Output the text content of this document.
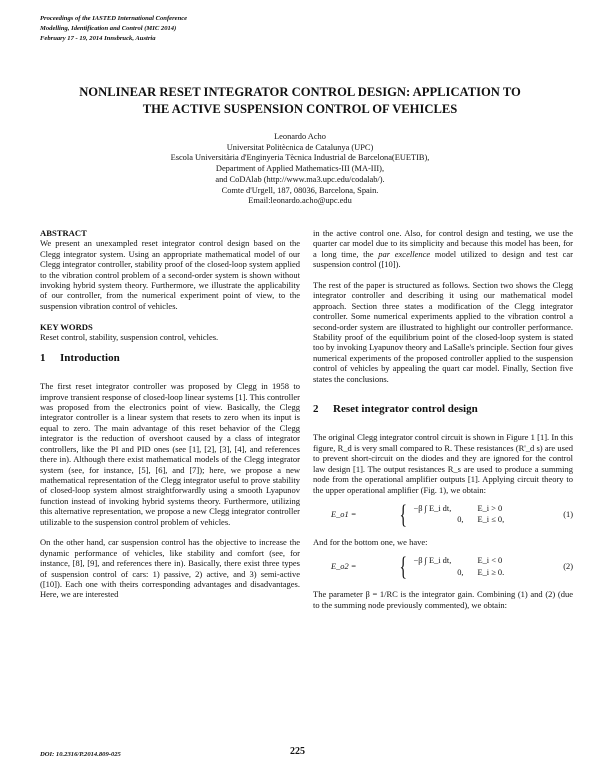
Proceedings of the IASTED International Conference
Modelling, Identification and Control (MIC 2014)
February 17 - 19, 2014 Innsbruck, Austria
NONLINEAR RESET INTEGRATOR CONTROL DESIGN: APPLICATION TO
THE ACTIVE SUSPENSION CONTROL OF VEHICLES
Leonardo Acho
Universitat Politècnica de Catalunya (UPC)
Escola Universitària d'Enginyeria Tècnica Industrial de Barcelona(EUETIB),
Department of Applied Mathematics-III (MA-III),
and CoDAlab (http://www.ma3.upc.edu/codalab/).
Comte d'Urgell, 187, 08036, Barcelona, Spain.
Email:leonardo.acho@upc.edu
ABSTRACT

We present an unexampled reset integrator control design based on the Clegg integrator system. Using an appropriate mathematical model of our Clegg integrator controller, stability proof of the closed-loop system applied to the vibration control problem of a second-order system is shown without invoking hybrid system theory. Furthermore, we illustrate the applicability of our controller, from the numerical experiment point of view, to the suspension vibration control of vehicles.

KEY WORDS

Reset control, stability, suspension control, vehicles.

1 Introduction

The first reset integrator controller was proposed by Clegg in 1958 to improve transient response of closed-loop linear systems [1]. This controller was proposed from the electronics point of view. Basically, the Clegg integrator controller is a linear system that resets to zero when its input is equal to zero. The main advantage of this reset behavior of the Clegg integrator is the reduction of overshoot caused by a class of integrator controllers, like the PI and PID ones (see [1], [2], [3], [4], and references there in). Although there exist mathematical models of the Clegg integrator system (see, for instance, [5], [6], and [7]); here, we propose a new mathematical representation of the Clegg integrator useful to prove stability of closed-loop system almost straightforwardly using a smooth Lyapunov function instead of invoking hybrid systems theory. Furthermore, utilizing this alternative representation, we propose a new Clegg integrator controller utilizable to the suspension control problem of vehicles.

On the other hand, car suspension control has the objective to increase the dynamic performance of vehicles, like stability and comfort (see, for instance, [8], [9], and references there in). Basically, there exist three types of suspension control of cars: 1) passive, 2) active, and 3) semi-active ([10]). Each one with theirs corresponding advantages and disadvantages. Here, we are interested

in the active control one. Also, for control design and testing, we use the quarter car model due to its simplicity and because this model has been, for a long time, the par excellence model utilized to design and test car suspension control ([10]).

The rest of the paper is structured as follows. Section two shows the Clegg integrator controller and describing it using our mathematical model approach. Section three states a modification of the Clegg integrator controller. Some numerical experiments applied to the vibration control a second-order system are illustrated to highlight our controller performance. Stability proof of the equilibrium point of the closed-loop system is stated too by invoking Lyapunov theory and LaSalle's principle. Section four gives numerical experiments of the proposed controller applied to the suspension control of vehicles by appealing the quart car model. Finally, Section five states the conclusions.

2 Reset integrator control design

The original Clegg integrator control circuit is shown in Figure 1 [1]. In this figure, R_d is very small compared to R. These resistances (R'_d s) are used to prevent short-circuit on the diodes and they are ignored for the control law design [1]. The output resistances R_s are used to produce a summing node from the operational amplifier outputs [1]. Applying circuit theory to the upper operational amplifier (Fig. 1), we obtain:

E_o1 =	{ −β ∫ E_i dt,	E_i > 0
0,	E_i ≤ 0,
(1)

And for the bottom one, we have:

E_o2 =	{ −β ∫ E_i dt,	E_i < 0
0,	E_i ≥ 0.
(2)

The parameter β = 1/RC is the integrator gain. Combining (1) and (2) (due to the summing node previously commented), we obtain:

DOI: 10.2316/P.2014.809-025	225
